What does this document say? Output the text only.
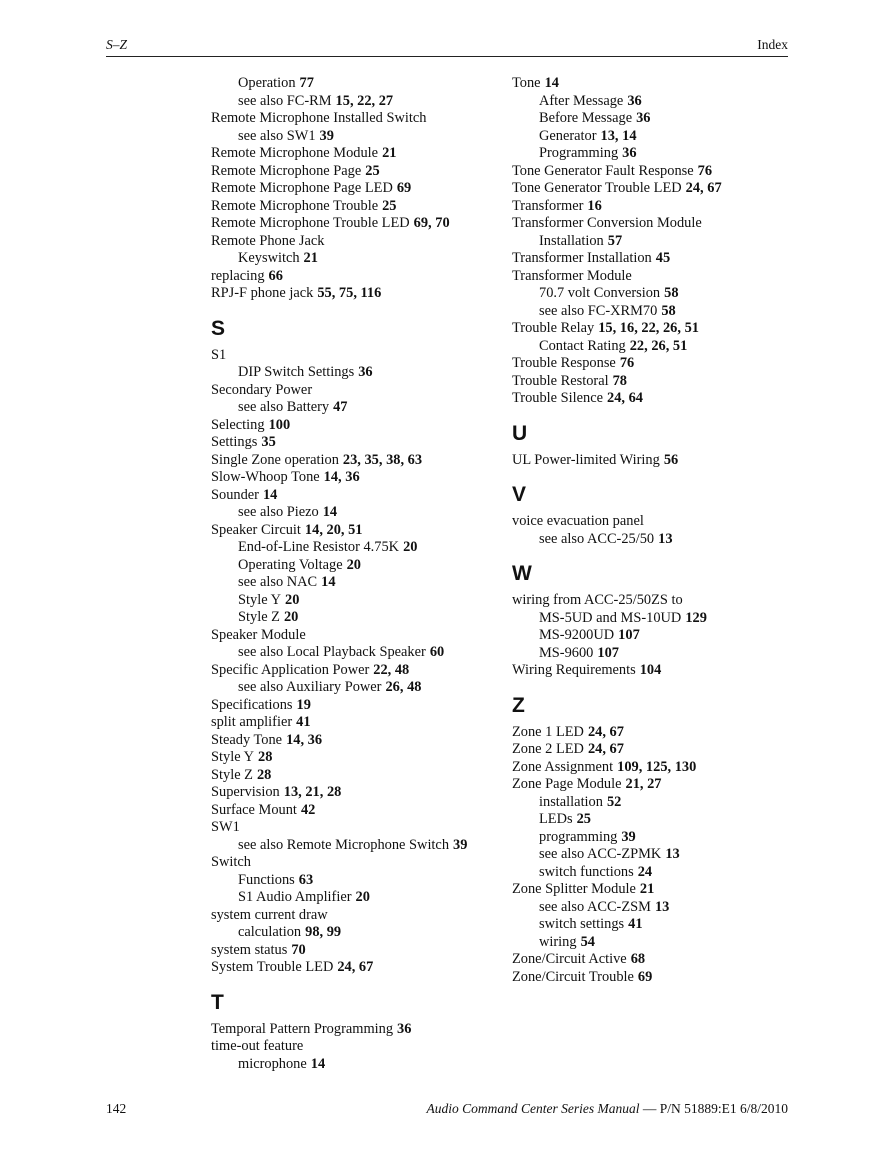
S–Z	Index
Operation 77
see also FC-RM 15, 22, 27
Remote Microphone Installed Switch
see also SW1 39
Remote Microphone Module 21
Remote Microphone Page 25
Remote Microphone Page LED 69
Remote Microphone Trouble 25
Remote Microphone Trouble LED 69, 70
Remote Phone Jack
Keyswitch 21
replacing 66
RPJ-F phone jack 55, 75, 116
S
S1
DIP Switch Settings 36
Secondary Power
see also Battery 47
Selecting 100
Settings 35
Single Zone operation 23, 35, 38, 63
Slow-Whoop Tone 14, 36
Sounder 14
see also Piezo 14
Speaker Circuit 14, 20, 51
End-of-Line Resistor 4.75K 20
Operating Voltage 20
see also NAC 14
Style Y 20
Style Z 20
Speaker Module
see also Local Playback Speaker 60
Specific Application Power 22, 48
see also Auxiliary Power 26, 48
Specifications 19
split amplifier 41
Steady Tone 14, 36
Style Y 28
Style Z 28
Supervision 13, 21, 28
Surface Mount 42
SW1
see also Remote Microphone Switch 39
Switch
Functions 63
S1 Audio Amplifier 20
system current draw
calculation 98, 99
system status 70
System Trouble LED 24, 67
T
Temporal Pattern Programming 36
time-out feature
microphone 14
Tone 14
After Message 36
Before Message 36
Generator 13, 14
Programming 36
Tone Generator Fault Response 76
Tone Generator Trouble LED 24, 67
Transformer 16
Transformer Conversion Module
Installation 57
Transformer Installation 45
Transformer Module
70.7 volt Conversion 58
see also FC-XRM70 58
Trouble Relay 15, 16, 22, 26, 51
Contact Rating 22, 26, 51
Trouble Response 76
Trouble Restoral 78
Trouble Silence 24, 64
U
UL Power-limited Wiring 56
V
voice evacuation panel
see also ACC-25/50 13
W
wiring from ACC-25/50ZS to
MS-5UD and MS-10UD 129
MS-9200UD 107
MS-9600 107
Wiring Requirements 104
Z
Zone 1 LED 24, 67
Zone 2 LED 24, 67
Zone Assignment 109, 125, 130
Zone Page Module 21, 27
installation 52
LEDs 25
programming 39
see also ACC-ZPMK 13
switch functions 24
Zone Splitter Module 21
see also ACC-ZSM 13
switch settings 41
wiring 54
Zone/Circuit Active 68
Zone/Circuit Trouble 69
142	Audio Command Center Series Manual — P/N 51889:E1 6/8/2010
